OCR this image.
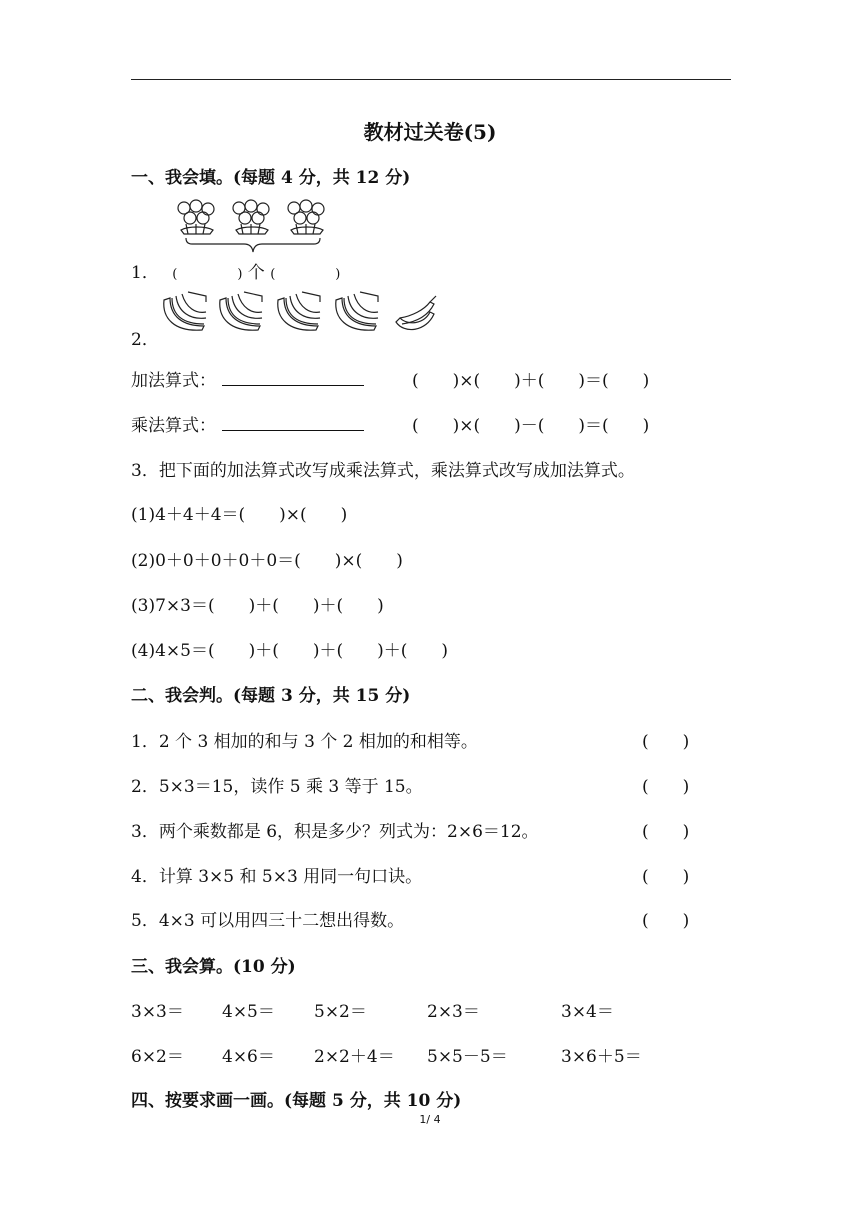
教材过关卷(5)
一、我会填。(每题 4 分，共 12 分)
1． (	) 个 (	)
2．
加法算式：	(　　)×(　　)＋(　　)＝(　　)
乘法算式：	(　　)×(　　)－(　　)＝(　　)
3．把下面的加法算式改写成乘法算式，乘法算式改写成加法算式。
(1)4＋4＋4＝(　　)×(　　)
(2)0＋0＋0＋0＋0＝(　　)×(　　)
(3)7×3＝(　　)＋(　　)＋(　　)
(4)4×5＝(　　)＋(　　)＋(　　)＋(　　)
二、我会判。(每题 3 分，共 15 分)
1．2 个 3 相加的和与 3 个 2 相加的和相等。	(　　)
2．5×3＝15，读作 5 乘 3 等于 15。	(　　)
3．两个乘数都是 6，积是多少？列式为：2×6＝12。	(　　)
4．计算 3×5 和 5×3 用同一句口诀。	(　　)
5．4×3 可以用四三十二想出得数。	(　　)
三、我会算。(10 分)
3×3＝ 4×5＝ 5×2＝	2×3＝	3×4＝
6×2＝ 4×6＝ 2×2＋4＝ 5×5－5＝	3×6＋5＝
四、按要求画一画。(每题 5 分，共 10 分)
1/ 4
